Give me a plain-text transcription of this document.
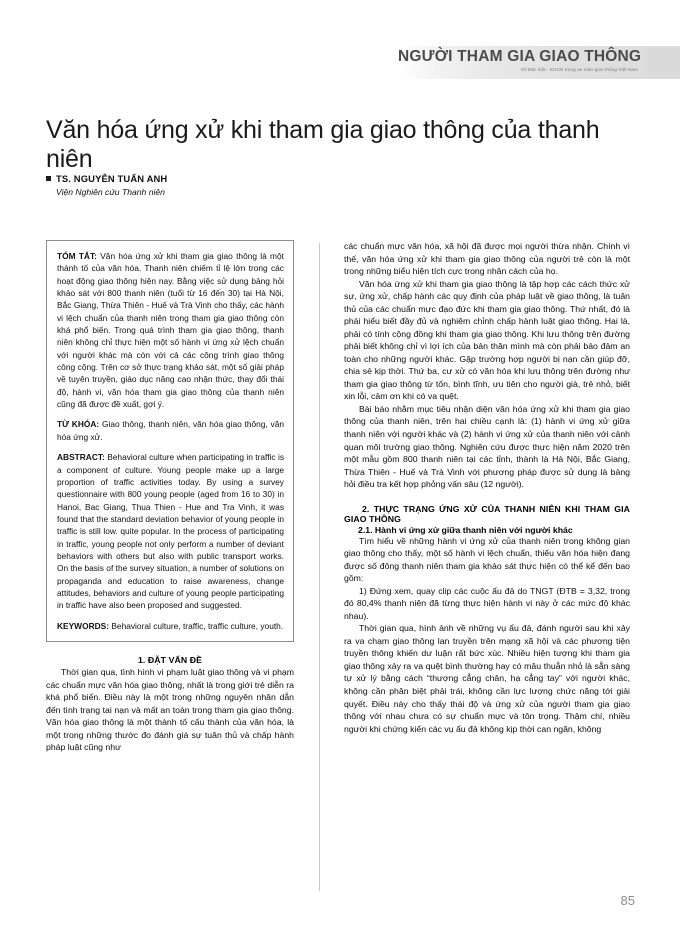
NGƯỜI THAM GIA GIAO THÔNG
Số Đặc biệt - KHCN trong an toàn giao thông Việt Nam
Văn hóa ứng xử khi tham gia giao thông của thanh niên
TS. NGUYỄN TUẤN ANH
Viện Nghiên cứu Thanh niên

TÓM TẮT: Văn hóa ứng xử khi tham gia giao thông là một thành tố của văn hóa. Thanh niên chiếm tỉ lệ lớn trong các hoạt động giao thông hiện nay. Bằng việc sử dụng bảng hỏi khảo sát với 800 thanh niên (tuổi từ 16 đến 30) tại Hà Nội, Bắc Giang, Thừa Thiên - Huế và Trà Vinh cho thấy, các hành vi lệch chuẩn của thanh niên trong tham gia giao thông còn khá phổ biến. Trong quá trình tham gia giao thông, thanh niên không chỉ thực hiện một số hành vi ứng xử lệch chuẩn với người khác mà còn với cả các công trình giao thông công cộng. Trên cơ sở thực trạng khảo sát, một số giải pháp về tuyên truyền, giáo dục nâng cao nhận thức, thay đổi thái độ, hành vi, văn hóa tham gia giao thông của thanh niên cũng đã được đề xuất, gợi ý.

TỪ KHÓA: Giao thông, thanh niên, văn hóa giao thông, văn hóa ứng xử.

ABSTRACT: Behavioral culture when participating in traffic is a component of culture. Young people make up a large proportion of traffic activities today. By using a survey questionnaire with 800 young people (aged from 16 to 30) in Hanoi, Bac Giang, Thua Thien - Hue and Tra Vinh, it was found that the standard deviation behavior of young people in traffic is still low. quite popular. In the process of participating in traffic, young people not only perform a number of deviant behaviors with others but also with public transport works. On the basis of the survey situation, a number of solutions on propaganda and education to raise awareness, change attitudes, behaviors and culture of young people participating in traffic have also been proposed and suggested.

KEYWORDS: Behavioral culture, traffic, traffic culture, youth.

1. ĐẶT VẤN ĐỀ

Thời gian qua, tình hình vi phạm luật giao thông và vi phạm các chuẩn mực văn hóa giao thông, nhất là trong giới trẻ diễn ra khá phổ biến. Điều này là một trong những nguyên nhân dẫn đến tình trạng tai nạn và mất an toàn trong tham gia giao thông. Văn hóa giao thông là một thành tố cấu thành của văn hóa, là một trong những thước đo đánh giá sự tuân thủ và chấp hành pháp luật cũng như

các chuẩn mực văn hóa, xã hội đã được mọi người thừa nhận. Chính vì thế, văn hóa ứng xử khi tham gia giao thông của người trẻ còn là một trong những biểu hiện tích cực trong nhân cách của họ.

Văn hóa ứng xử khi tham gia giao thông là tập hợp các cách thức xử sự, ứng xử, chấp hành các quy định của pháp luật về giao thông, là tuân thủ của các chuẩn mực đạo đức khi tham gia giao thông. Thứ nhất, đó là phải hiểu biết đầy đủ và nghiêm chỉnh chấp hành luật giao thông. Hai là, phải có tính cộng đồng khi tham gia giao thông. Khi lưu thông trên đường phải biết không chỉ vì lợi ích của bản thân mình mà còn phải bảo đảm an toàn cho những người khác. Gặp trường hợp người bị nạn cần giúp đỡ, chia sẻ kịp thời. Thứ ba, cư xử có văn hóa khi lưu thông trên đường như tham gia giao thông từ tốn, bình tĩnh, ưu tiên cho người già, trẻ nhỏ, biết xin lỗi, cảm ơn khi có va quệt.

Bài báo nhằm mục tiêu nhận diện văn hóa ứng xử khi tham gia giao thông của thanh niên, trên hai chiều cạnh là: (1) hành vi ứng xử giữa thanh niên với người khác và (2) hành vi ứng xử của thanh niên với cảnh quan môi trường giao thông. Nghiên cứu được thực hiện năm 2020 trên một mẫu gồm 800 thanh niên tại các tỉnh, thành là Hà Nội, Bắc Giang, Thừa Thiên - Huế và Trà Vinh với phương pháp được sử dụng là bảng hỏi điều tra kết hợp phỏng vấn sâu (12 người).

2. THỰC TRẠNG ỨNG XỬ CỦA THANH NIÊN KHI THAM GIA GIAO THÔNG
2.1. Hành vi ứng xử giữa thanh niên với người khác

Tìm hiểu về những hành vi ứng xử của thanh niên trong không gian giao thông cho thấy, một số hành vi lệch chuẩn, thiếu văn hóa hiện đang được số đông thanh niên tham gia khảo sát thực hiện có thể kể đến bao gồm:

1) Đứng xem, quay clip các cuộc ẩu đả do TNGT (ĐTB = 3,32, trong đó 80,4% thanh niên đã từng thực hiện hành vi này ở các mức độ khác nhau).

Thời gian qua, hình ảnh về những vụ ẩu đả, đánh người sau khi xảy ra va chạm giao thông lan truyền trên mạng xã hội và các phương tiện truyền thông khiến dư luận rất bức xúc. Nhiều hiện tượng khi tham gia giao thông xảy ra va quệt bình thường hay có mâu thuẫn nhỏ là sẵn sàng tự xử lý bằng cách “thượng cẳng chân, hạ cẳng tay” với người khác, không cần phân biệt phải trái, không cần lực lượng chức năng tới giải quyết. Điều này cho thấy thái độ và ứng xử của người tham gia giao thông với nhau chưa có sự chuẩn mực và tôn trọng. Thậm chí, nhiều người khi chứng kiến các vụ ẩu đả không kịp thời can ngăn, không

85
